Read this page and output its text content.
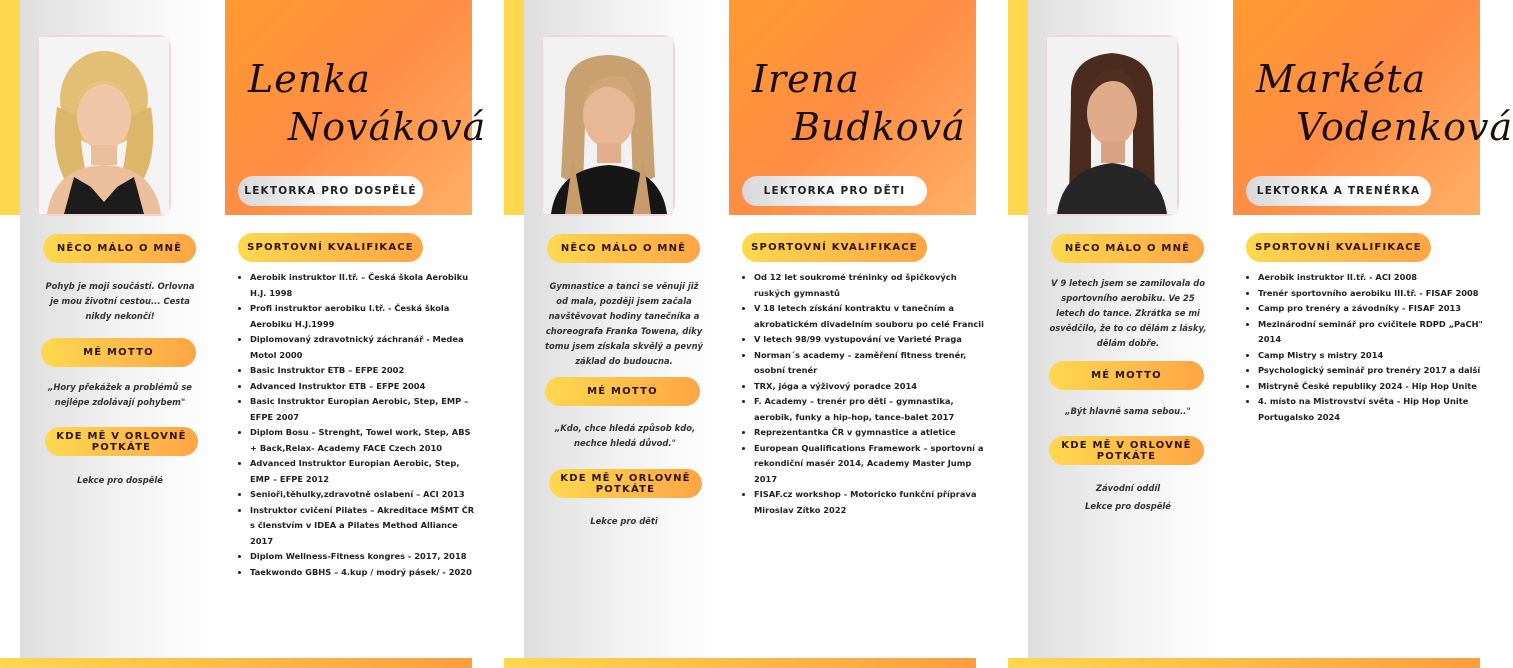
Lenka
Nováková
LEKTORKA PRO DOSPĚLÉ
NĚCO MÁLO O MNĚ
Pohyb je moji součástí. Orlovna je mou životní cestou... Cesta nikdy nekončí!
MÉ MOTTO
„Hory překážek a problémů se nejlépe zdolávají pohybem"
KDE MĚ V ORLOVNĚ POTKÁTE
Lekce pro dospělé
SPORTOVNÍ KVALIFIKACE
• Aerobik instruktor II.tř. – Česká škola Aerobiku H.J. 1998
• Profi instruktor aerobiku I.tř. - Česká škola Aerobiku H.J.1999
• Diplomovaný zdravotnický záchranář - Medea Motol 2000
• Basic Instruktor ETB – EFPE 2002
• Advanced Instruktor ETB – EFPE 2004
• Basic Instruktor Europian Aerobic, Step, EMP – EFPE 2007
• Diplom Bosu – Strenght, Towel work, Step, ABS + Back,Relax- Academy FACE Czech 2010
• Advanced Instruktor Europian Aerobic, Step, EMP – EFPE 2012
• Senioři,těhulky,zdravotně oslabení – ACI 2013
• Instruktor cvičení Pilates – Akreditace MŠMT ČR s členstvím v IDEA a Pilates Method Alliance 2017
• Diplom Wellness-Fitness kongres - 2017, 2018
• Taekwondo GBHS – 4.kup / modrý pásek/ - 2020
Irena
Budková
LEKTORKA PRO DĚTI
NĚCO MÁLO O MNĚ
Gymnastice a tanci se věnuji již od mala, později jsem začala navštěvovat hodiny tanečníka a choreografa Franka Towena, díky tomu jsem získala skvělý a pevný základ do budoucna.
MÉ MOTTO
„Kdo, chce hledá způsob kdo, nechce hledá důvod."
KDE MĚ V ORLOVNĚ POTKÁTE
Lekce pro děti
SPORTOVNÍ KVALIFIKACE
• Od 12 let soukromé tréninky od špičkových ruských gymnastů
• V 18 letech získání kontraktu v tanečním a akrobatickém divadelním souboru po celé Francii
• V letech 98/99 vystupování ve Varieté Praga
• Norman´s academy – zaměření fitness trenér, osobní trenér
• TRX, jóga a výživový poradce 2014
• F. Academy – trenér pro děti – gymnastika, aerobik, funky a hip-hop, tance-balet 2017
• Reprezentantka ČR v gymnastice a atletice
• European Qualifications Framework – sportovní a rekondiční masér 2014, Academy Master Jump 2017
• FISAF.cz workshop - Motoricko funkční příprava Miroslav Zítko 2022
Markéta
Vodenková
LEKTORKA A TRENÉRKA
NĚCO MÁLO O MNĚ
V 9 letech jsem se zamilovala do sportovního aerobiku. Ve 25 letech do tance. Zkrátka se mi osvědčilo, že to co dělám z lásky, dělám dobře.
MÉ MOTTO
„Být hlavně sama sebou.."
KDE MĚ V ORLOVNĚ POTKÁTE
Závodní oddíl
Lekce pro dospělé
SPORTOVNÍ KVALIFIKACE
• Aerobik instruktor II.tř. - ACI 2008
• Trenér sportovního aerobiku III.tř. - FISAF 2008
• Camp pro trenéry a závodníky - FISAF 2013
• Mezinárodní seminář pro cvičitele RDPD „PaCH" 2014
• Camp Mistry s mistry 2014
• Psychologický seminář pro trenéry 2017 a další
• Mistryně České republiky 2024 - Hip Hop Unite
• 4. místo na Mistrovství světa - Hip Hop Unite Portugalsko 2024
